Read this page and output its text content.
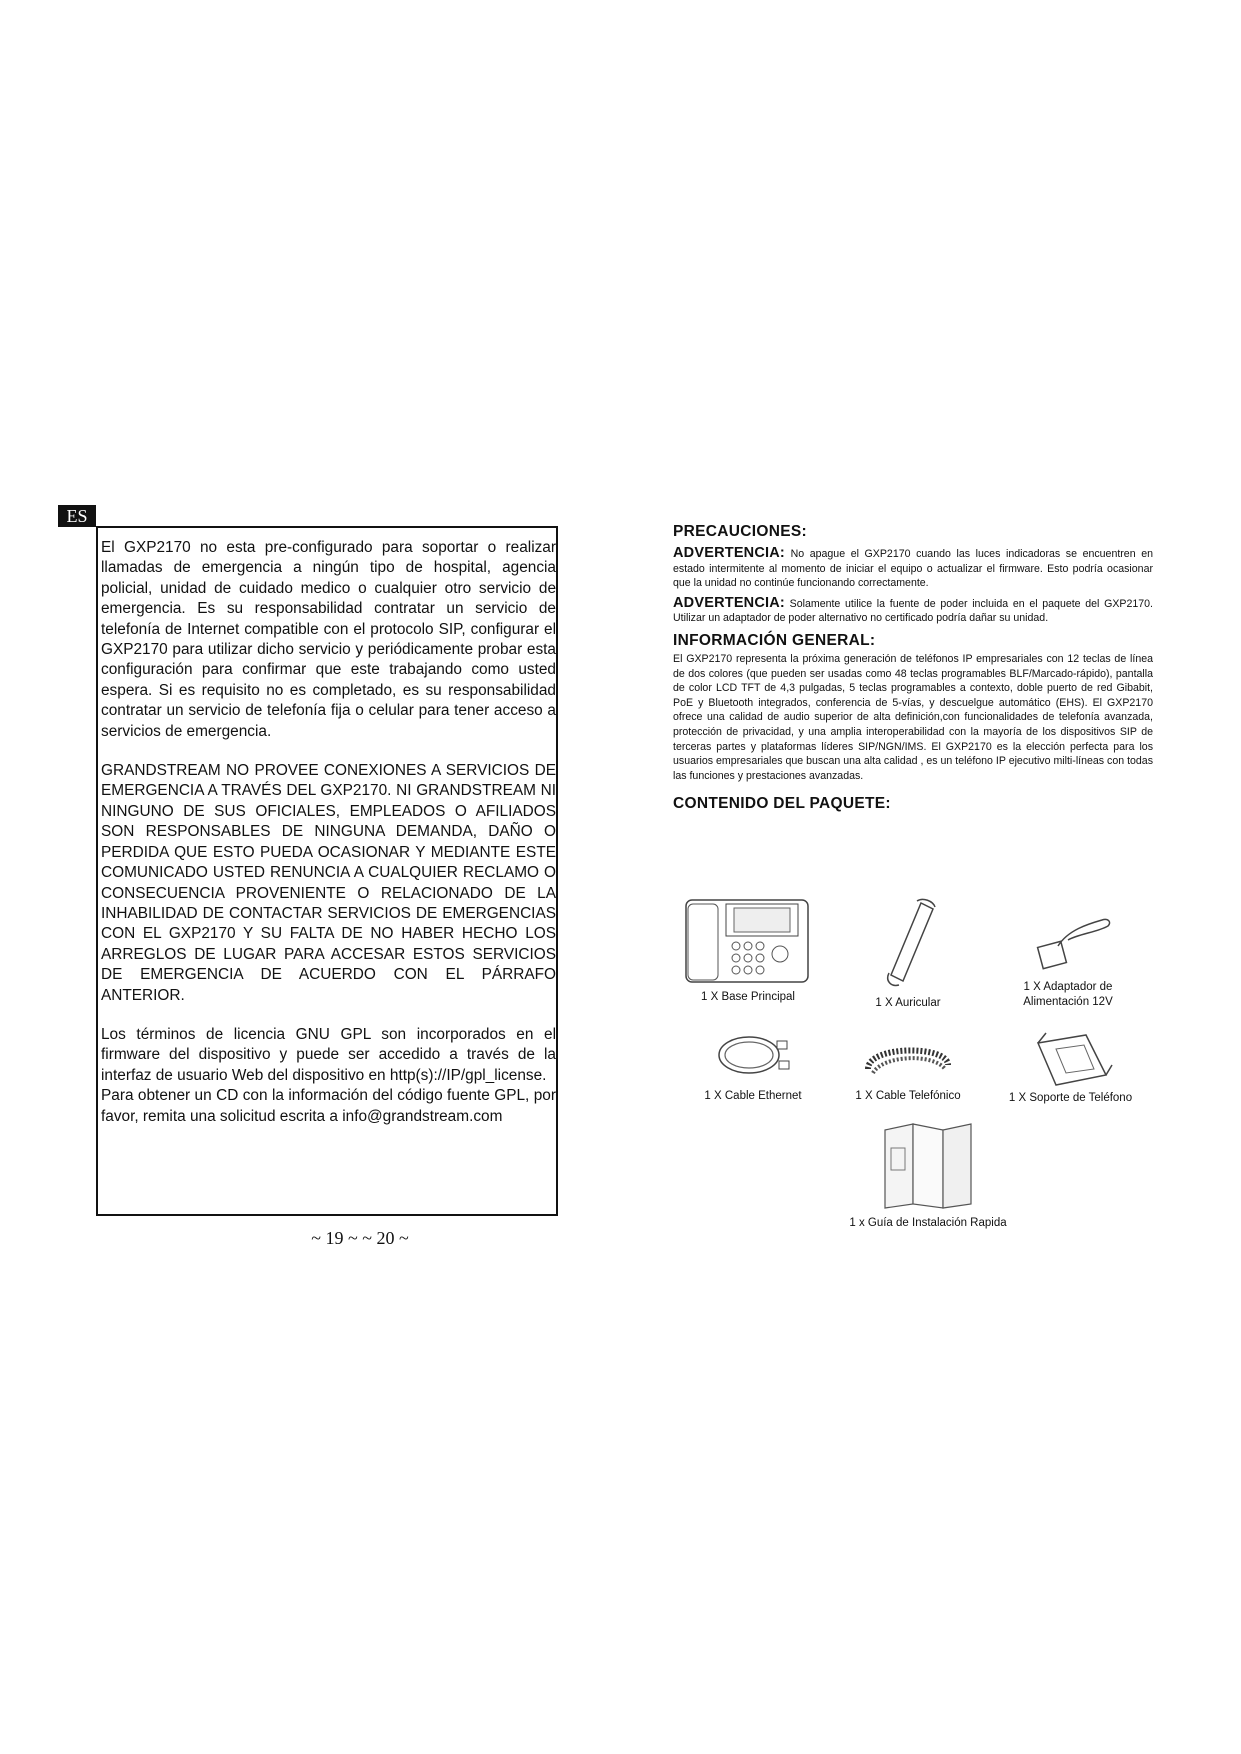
ES

El GXP2170 no esta pre-configurado para soportar o realizar llamadas de emergencia a ningún tipo de hospital, agencia policial, unidad de cuidado medico o cualquier otro servicio de emergencia. Es su responsabilidad contratar un servicio de telefonía de Internet compatible con el protocolo SIP, configurar el GXP2170 para utilizar dicho servicio y periódicamente probar esta configuración para confirmar que este trabajando como usted espera. Si es requisito no es completado, es su responsabilidad contratar un servicio de telefonía fija o celular para tener acceso a servicios de emergencia.

GRANDSTREAM NO PROVEE CONEXIONES A SERVICIOS DE EMERGENCIA A TRAVÉS DEL GXP2170. NI GRANDSTREAM NI NINGUNO DE SUS OFICIALES, EMPLEADOS O AFILIADOS SON RESPONSABLES DE NINGUNA DEMANDA, DAÑO O PERDIDA QUE ESTO PUEDA OCASIONAR Y MEDIANTE ESTE COMUNICADO USTED RENUNCIA A CUALQUIER RECLAMO O CONSECUENCIA PROVENIENTE O RELACIONADO DE LA INHABILIDAD DE CONTACTAR SERVICIOS DE EMERGENCIAS CON EL GXP2170 Y SU FALTA DE NO HABER HECHO LOS ARREGLOS DE LUGAR PARA ACCESAR ESTOS SERVICIOS DE EMERGENCIA DE ACUERDO CON EL PÁRRAFO ANTERIOR.

Los términos de licencia GNU GPL son incorporados en el firmware del dispositivo y puede ser accedido a través de la interfaz de usuario Web del dispositivo en http(s)://IP/gpl_license.

Para obtener un CD con la información del código fuente GPL, por favor, remita una solicitud escrita a info@grandstream.com

~ 19 ~ ~ 20 ~

PRECAUCIONES:

ADVERTENCIA: No apague el GXP2170 cuando las luces indicadoras se encuentren en estado intermitente al momento de iniciar el equipo o actualizar el firmware. Esto podría ocasionar que la unidad no continúe funcionando correctamente.

ADVERTENCIA: Solamente utilice la fuente de poder incluida en el paquete del GXP2170. Utilizar un adaptador de poder alternativo no certificado podría dañar su unidad.

INFORMACIÓN GENERAL:

El GXP2170 representa la próxima generación de teléfonos IP empresariales con 12 teclas de línea de dos colores (que pueden ser usadas como 48 teclas programables BLF/Marcado-rápido), pantalla de color LCD TFT de 4,3 pulgadas, 5 teclas programables a contexto, doble puerto de red Gibabit, PoE y Bluetooth integrados, conferencia de 5-vías, y descuelgue automático (EHS). El GXP2170 ofrece una calidad de audio superior de alta definición,con funcionalidades de telefonía avanzada, protección de privacidad, y una amplia interoperabilidad con la mayoría de los dispositivos SIP de terceras partes y plataformas líderes SIP/NGN/IMS. El GXP2170 es la elección perfecta para los usuarios empresariales que buscan una alta calidad , es un teléfono IP ejecutivo milti-líneas con todas las funciones y prestaciones avanzadas.

CONTENIDO DEL PAQUETE:

1 X Base Principal	1 X Auricular
1 X Adaptador de
Alimentación 12V
1 X Cable Ethernet	1 X Cable Telefónico	1 X Soporte de Teléfono
1 x Guía de Instalación Rapida
